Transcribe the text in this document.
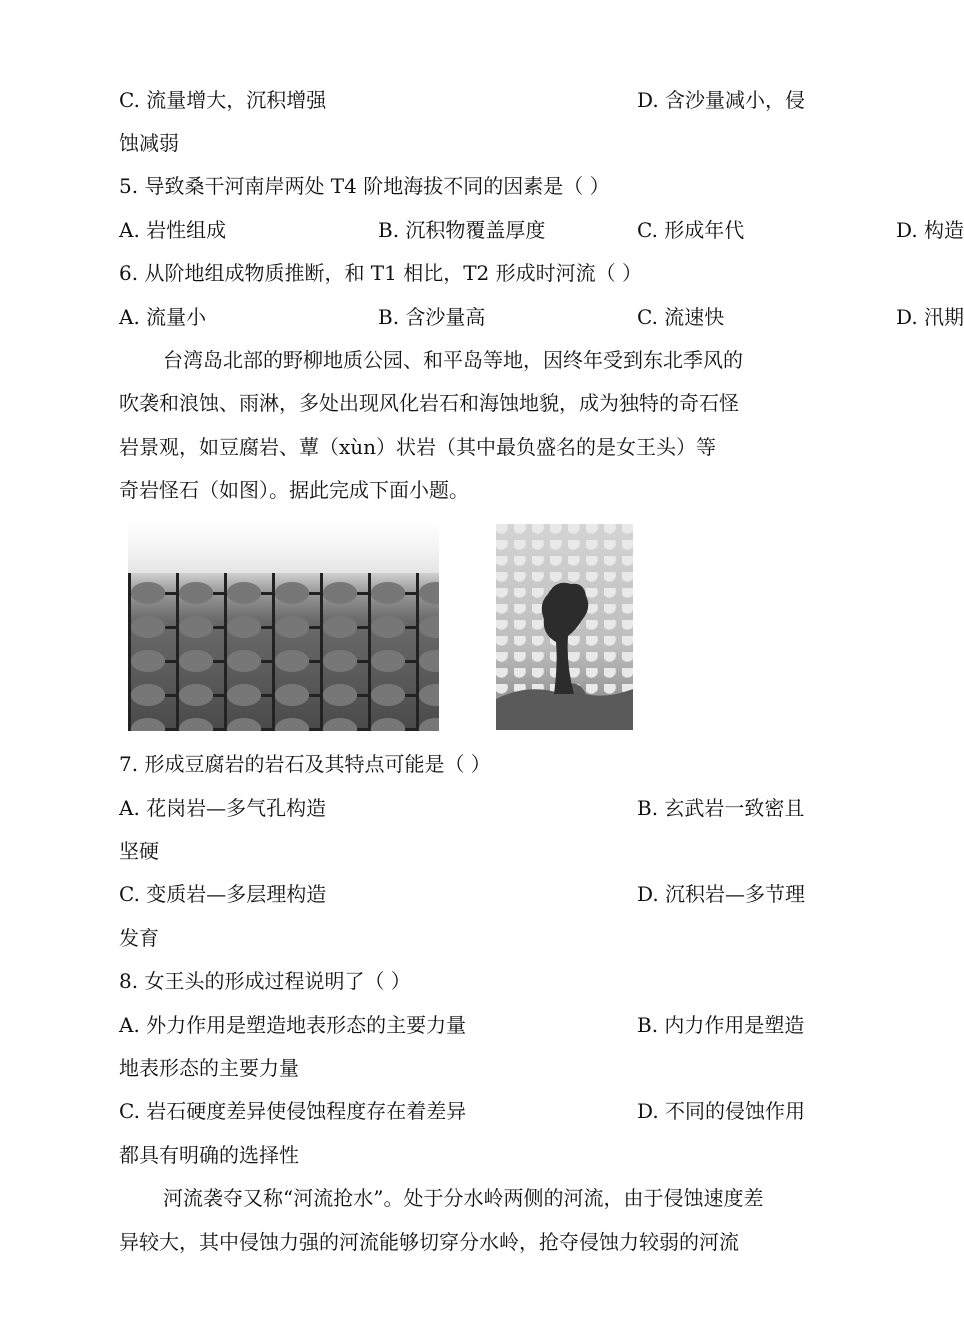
C. 流量增大，沉积增强	D. 含沙量减小，侵
蚀减弱
5. 导致桑干河南岸两处 T4 阶地海拔不同的因素是（ ）
A. 岩性组成	B. 沉积物覆盖厚度	C. 形成年代	D. 构造
6. 从阶地组成物质推断，和 T1 相比，T2 形成时河流（ ）
A. 流量小	B. 含沙量高	C. 流速快	D. 汛期
台湾岛北部的野柳地质公园、和平岛等地，因终年受到东北季风的
吹袭和浪蚀、雨淋，多处出现风化岩石和海蚀地貌，成为独特的奇石怪
岩景观，如豆腐岩、蕈（xùn）状岩（其中最负盛名的是女王头）等
奇岩怪石（如图）。据此完成下面小题。
7. 形成豆腐岩的岩石及其特点可能是（ ）
A. 花岗岩—多气孔构造	B. 玄武岩一致密且
坚硬
C. 变质岩—多层理构造	D. 沉积岩—多节理
发育
8. 女王头的形成过程说明了（ ）
A. 外力作用是塑造地表形态的主要力量	B. 内力作用是塑造
地表形态的主要力量
C. 岩石硬度差异使侵蚀程度存在着差异	D. 不同的侵蚀作用
都具有明确的选择性
河流袭夺又称“河流抢水”。处于分水岭两侧的河流，由于侵蚀速度差
异较大，其中侵蚀力强的河流能够切穿分水岭，抢夺侵蚀力较弱的河流
